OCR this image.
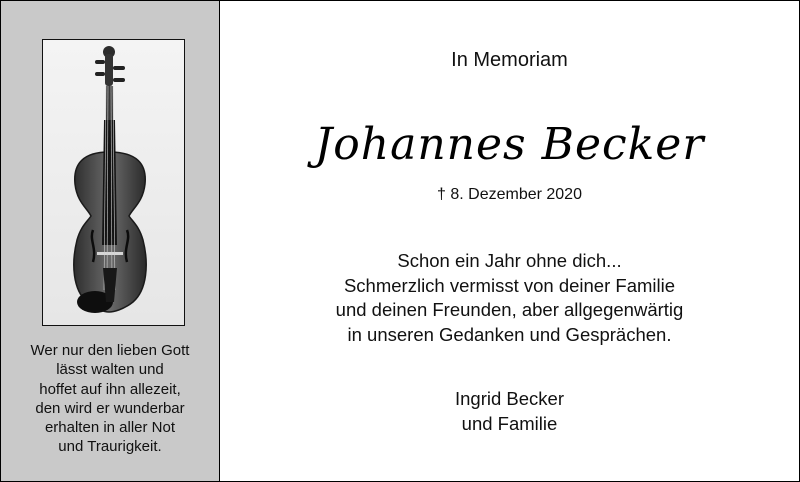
Wer nur den lieben Gott
lässt walten und
hoffet auf ihn allezeit,
den wird er wunderbar
erhalten in aller Not
und Traurigkeit.
In Memoriam
Johannes Becker
† 8. Dezember 2020
Schon ein Jahr ohne dich...
Schmerzlich vermisst von deiner Familie
und deinen Freunden, aber allgegenwärtig
in unseren Gedanken und Gesprächen.
Ingrid Becker
und Familie
